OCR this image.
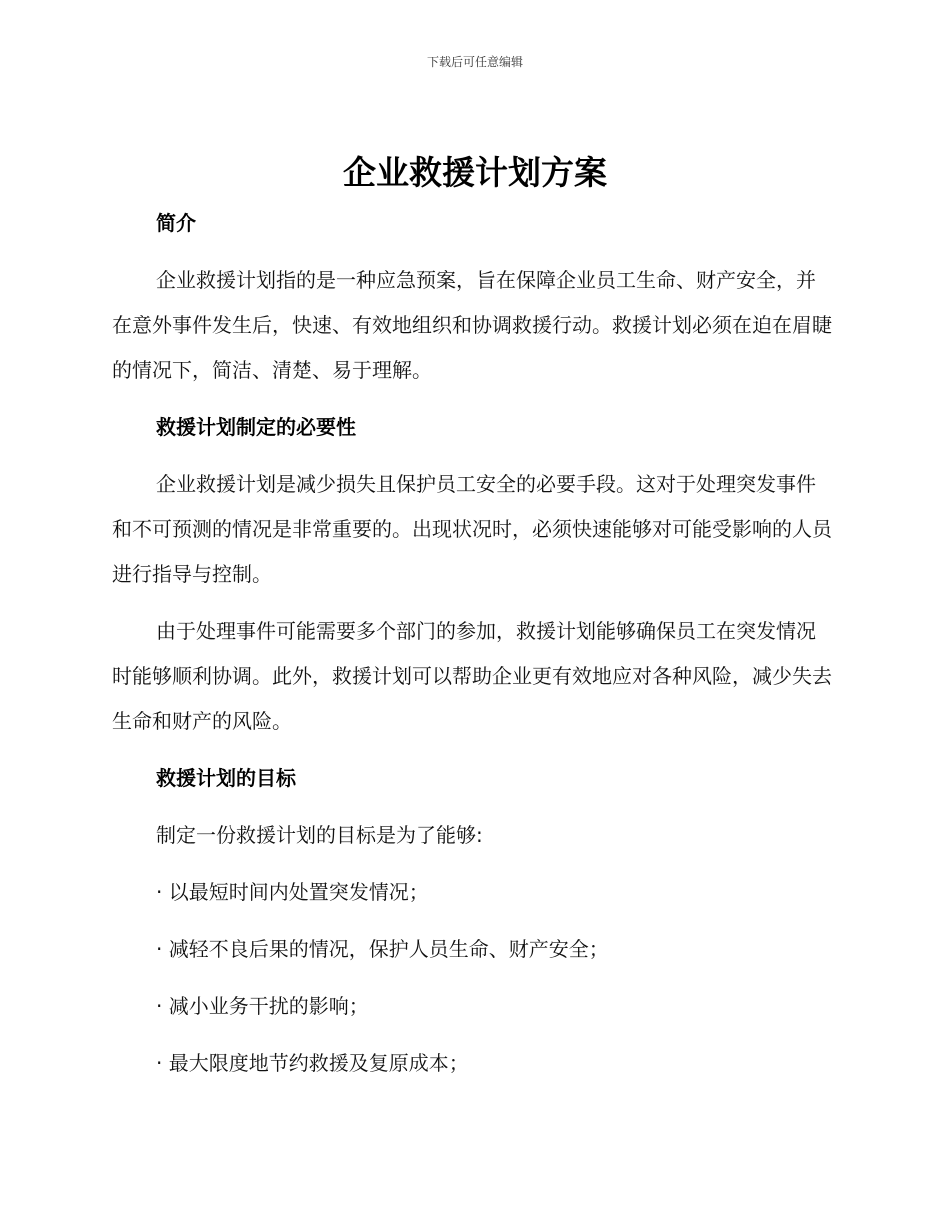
下载后可任意编辑
企业救援计划方案
简介

企业救援计划指的是一种应急预案，旨在保障企业员工生命、财产安全，并在意外事件发生后，快速、有效地组织和协调救援行动。救援计划必须在迫在眉睫的情况下，简洁、清楚、易于理解。

救援计划制定的必要性

企业救援计划是减少损失且保护员工安全的必要手段。这对于处理突发事件和不可预测的情况是非常重要的。出现状况时，必须快速能够对可能受影响的人员进行指导与控制。

由于处理事件可能需要多个部门的参加，救援计划能够确保员工在突发情况时能够顺利协调。此外，救援计划可以帮助企业更有效地应对各种风险，减少失去生命和财产的风险。

救援计划的目标

制定一份救援计划的目标是为了能够:

· 以最短时间内处置突发情况；

· 减轻不良后果的情况，保护人员生命、财产安全；

· 减小业务干扰的影响；

· 最大限度地节约救援及复原成本；
